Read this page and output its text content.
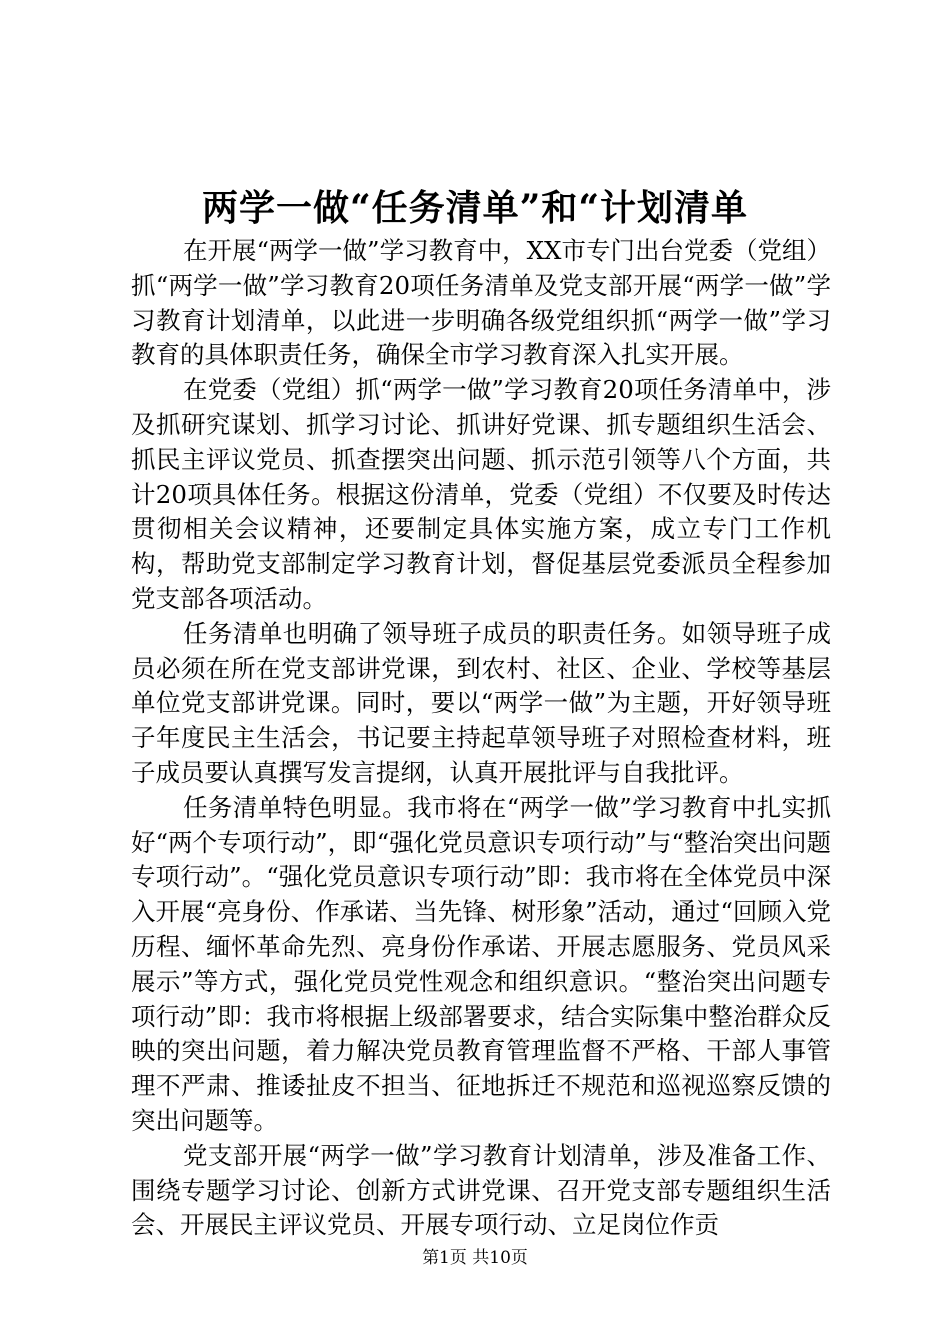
两学一做“任务清单”和“计划清单

在开展“两学一做”学习教育中，XX市专门出台党委（党组）抓“两学一做”学习教育20项任务清单及党支部开展“两学一做”学习教育计划清单，以此进一步明确各级党组织抓“两学一做”学习教育的具体职责任务，确保全市学习教育深入扎实开展。

在党委（党组）抓“两学一做”学习教育20项任务清单中，涉及抓研究谋划、抓学习讨论、抓讲好党课、抓专题组织生活会、抓民主评议党员、抓查摆突出问题、抓示范引领等八个方面，共计20项具体任务。根据这份清单，党委（党组）不仅要及时传达贯彻相关会议精神，还要制定具体实施方案，成立专门工作机构，帮助党支部制定学习教育计划，督促基层党委派员全程参加党支部各项活动。

任务清单也明确了领导班子成员的职责任务。如领导班子成员必须在所在党支部讲党课，到农村、社区、企业、学校等基层单位党支部讲党课。同时，要以“两学一做”为主题，开好领导班子年度民主生活会，书记要主持起草领导班子对照检查材料，班子成员要认真撰写发言提纲，认真开展批评与自我批评。

任务清单特色明显。我市将在“两学一做”学习教育中扎实抓好“两个专项行动”，即“强化党员意识专项行动”与“整治突出问题专项行动”。“强化党员意识专项行动”即：我市将在全体党员中深入开展“亮身份、作承诺、当先锋、树形象”活动，通过“回顾入党历程、缅怀革命先烈、亮身份作承诺、开展志愿服务、党员风采展示”等方式，强化党员党性观念和组织意识。“整治突出问题专项行动”即：我市将根据上级部署要求，结合实际集中整治群众反映的突出问题，着力解决党员教育管理监督不严格、干部人事管理不严肃、推诿扯皮不担当、征地拆迁不规范和巡视巡察反馈的突出问题等。

党支部开展“两学一做”学习教育计划清单，涉及准备工作、围绕专题学习讨论、创新方式讲党课、召开党支部专题组织生活会、开展民主评议党员、开展专项行动、立足岗位作贡

第1页 共10页
